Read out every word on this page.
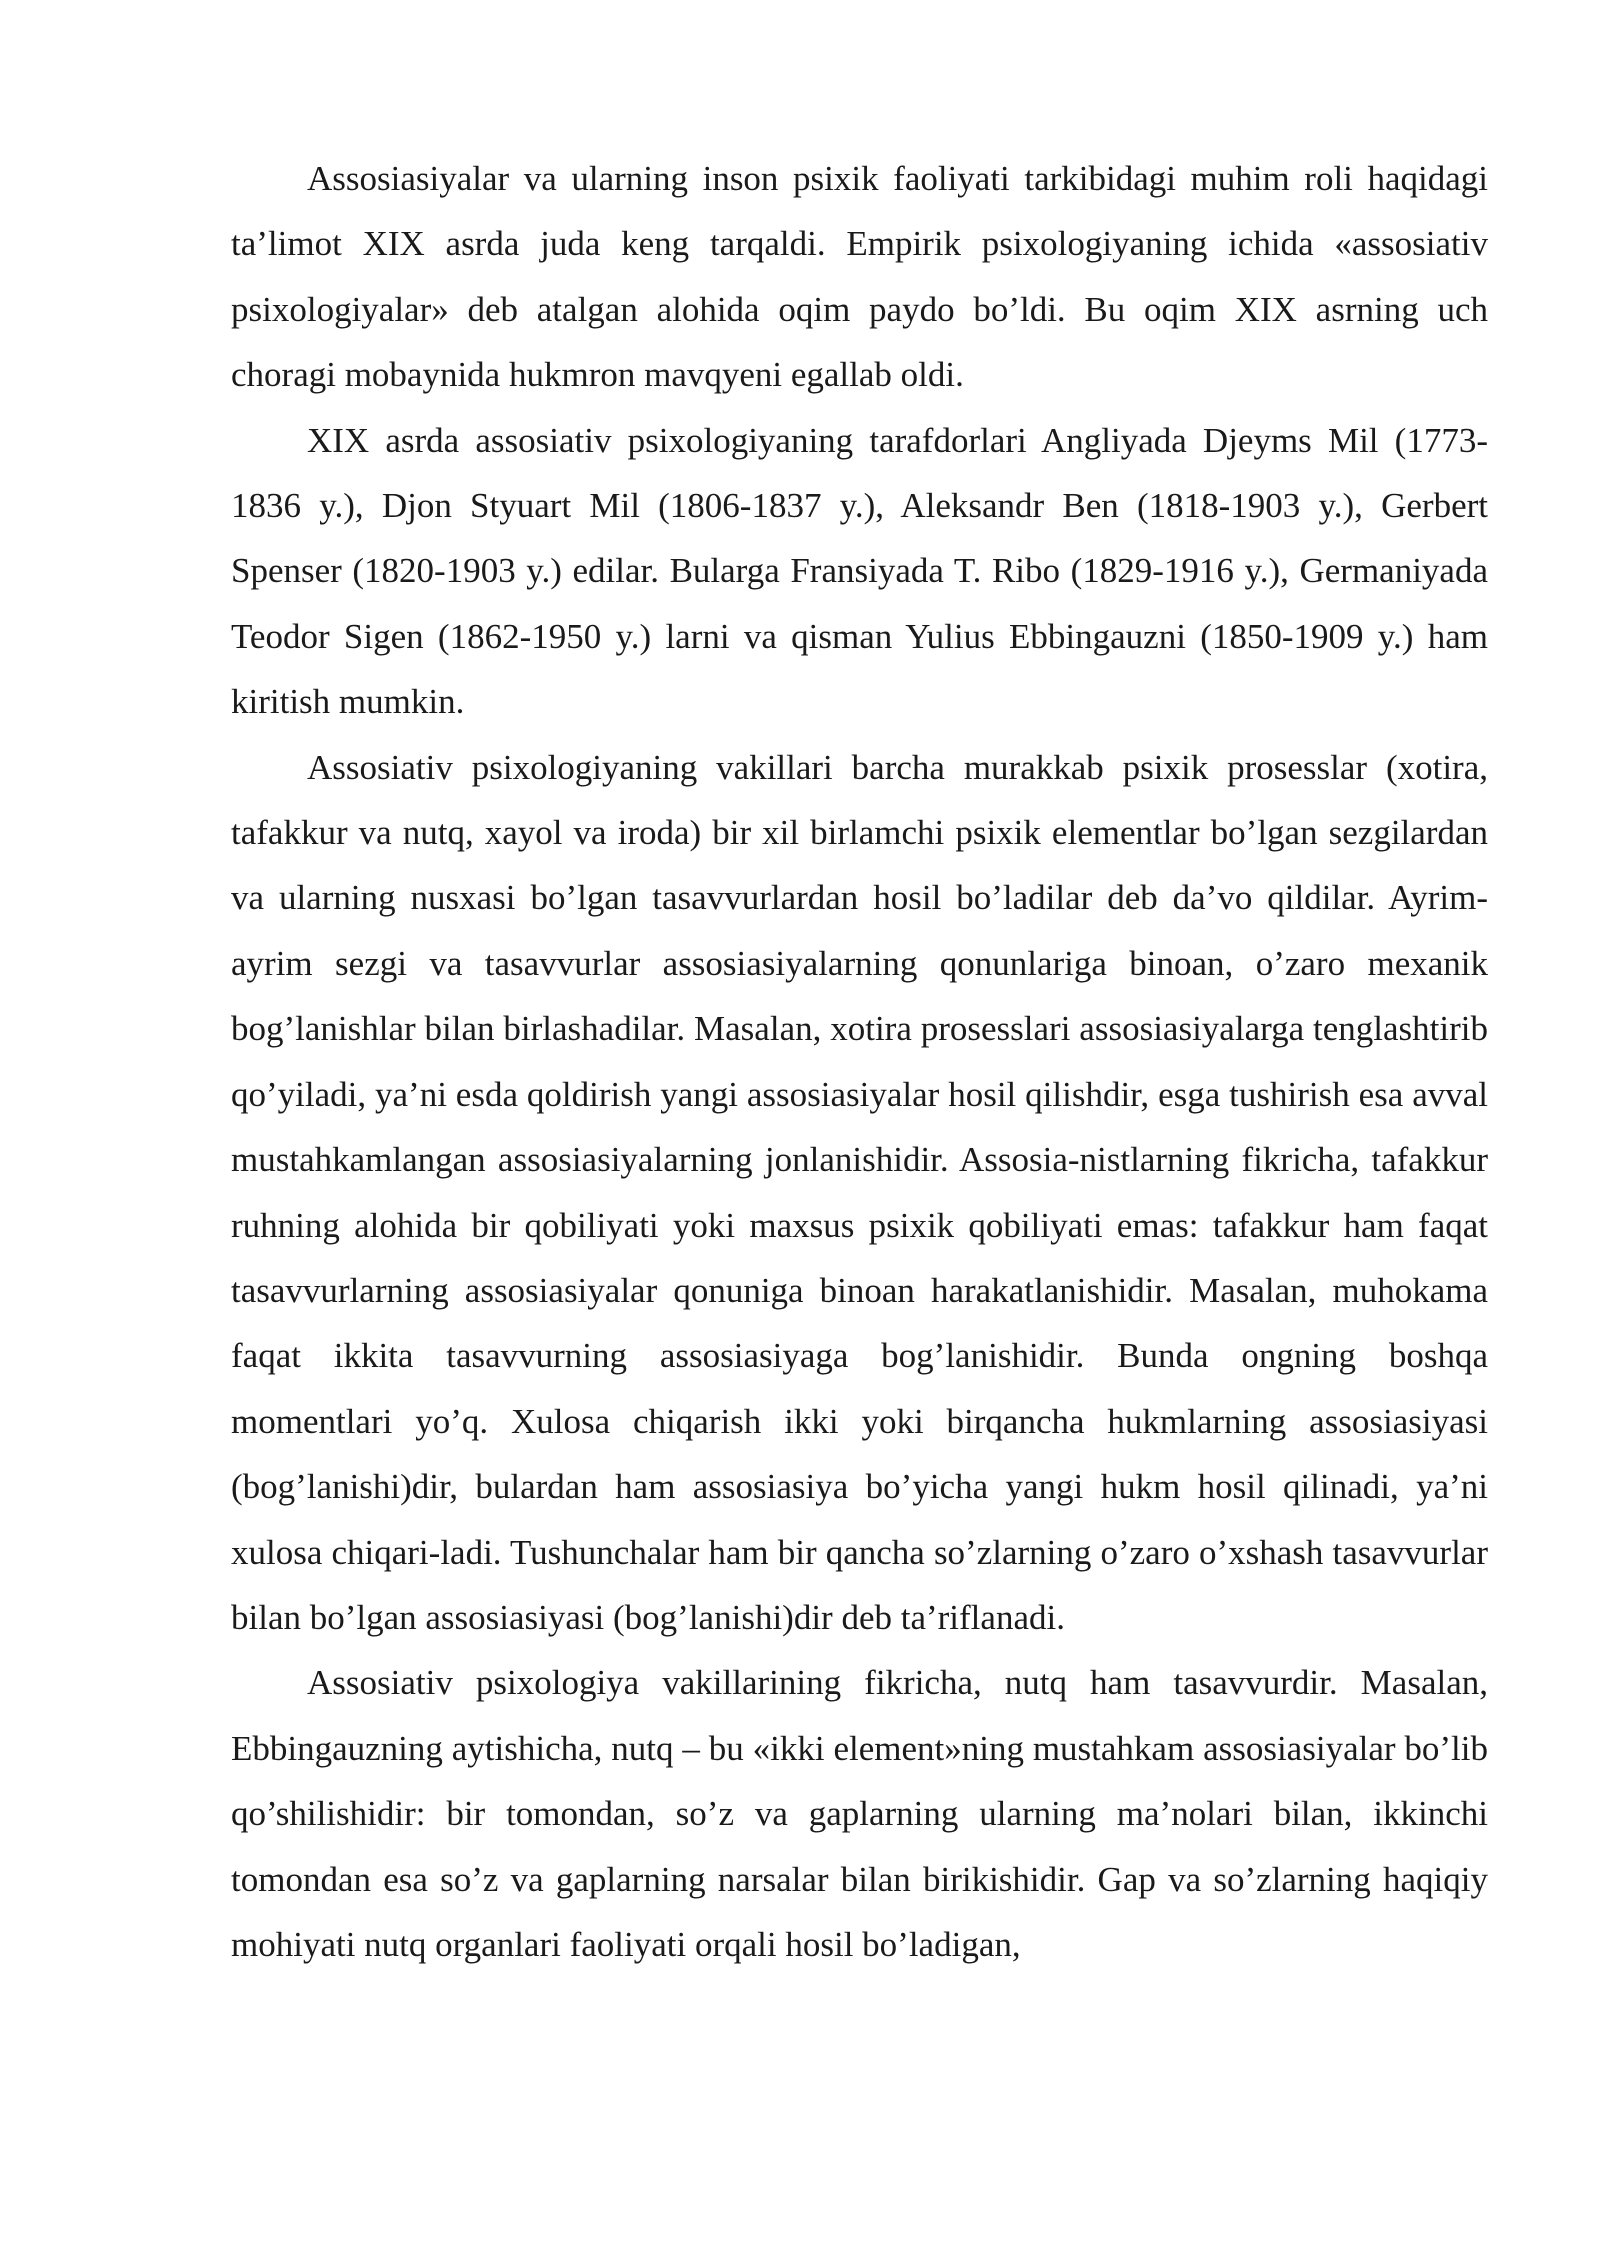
Assosiasiyalar va ularning inson psixik faoliyati tarkibidagi muhim roli haqidagi ta’limot XIX asrda juda keng tarqaldi. Empirik psixologiyaning ichida «assosiativ psixologiyalar» deb atalgan alohida oqim paydo bo’ldi. Bu oqim XIX asrning uch choragi mobaynida hukmron mavqyeni egallab oldi.

XIX asrda assosiativ psixologiyaning tarafdorlari Angliyada Djeyms Mil (1773-1836 y.), Djon Styuart Mil (1806-1837 y.), Aleksandr Ben (1818-1903 y.), Gerbert Spenser (1820-1903 y.) edilar. Bularga Fransiyada T. Ribo (1829-1916 y.), Germaniyada Teodor Sigen (1862-1950 y.) larni va qisman Yulius Ebbingauzni (1850-1909 y.) ham kiritish mumkin.

Assosiativ psixologiyaning vakillari barcha murakkab psixik prosesslar (xotira, tafakkur va nutq, xayol va iroda) bir xil birlamchi psixik elementlar bo’lgan sezgilardan va ularning nusxasi bo’lgan tasavvurlardan hosil bo’ladilar deb da’vo qildilar. Ayrim-ayrim sezgi va tasavvurlar assosiasiyalarning qonunlariga binoan, o’zaro mexanik bog’lanishlar bilan birlashadilar. Masalan, xotira prosesslari assosiasiyalarga tenglashtirib qo’yiladi, ya’ni esda qoldirish yangi assosiasiyalar hosil qilishdir, esga tushirish esa avval mustahkamlangan assosiasiyalarning jonlanishidir. Assosia-nistlarning fikricha, tafakkur ruhning alohida bir qobiliyati yoki maxsus psixik qobiliyati emas: tafakkur ham faqat tasavvurlarning assosiasiyalar qonuniga binoan harakatlanishidir. Masalan, muhokama faqat ikkita tasavvurning assosiasiyaga bog’lanishidir. Bunda ongning boshqa momentlari yo’q. Xulosa chiqarish ikki yoki birqancha hukmlarning assosiasiyasi (bog’lanishi)dir, bulardan ham assosiasiya bo’yicha yangi hukm hosil qilinadi, ya’ni xulosa chiqari-ladi. Tushunchalar ham bir qancha so’zlarning o’zaro o’xshash tasavvurlar bilan bo’lgan assosiasiyasi (bog’lanishi)dir deb ta’riflanadi.

Assosiativ psixologiya vakillarining fikricha, nutq ham tasavvurdir. Masalan, Ebbingauzning aytishicha, nutq – bu «ikki element»ning mustahkam assosiasiyalar bo’lib qo’shilishidir: bir tomondan, so’z va gaplarning ularning ma’nolari bilan, ikkinchi tomondan esa so’z va gaplarning narsalar bilan birikishidir. Gap va so’zlarning haqiqiy mohiyati nutq organlari faoliyati orqali hosil bo’ladigan,
